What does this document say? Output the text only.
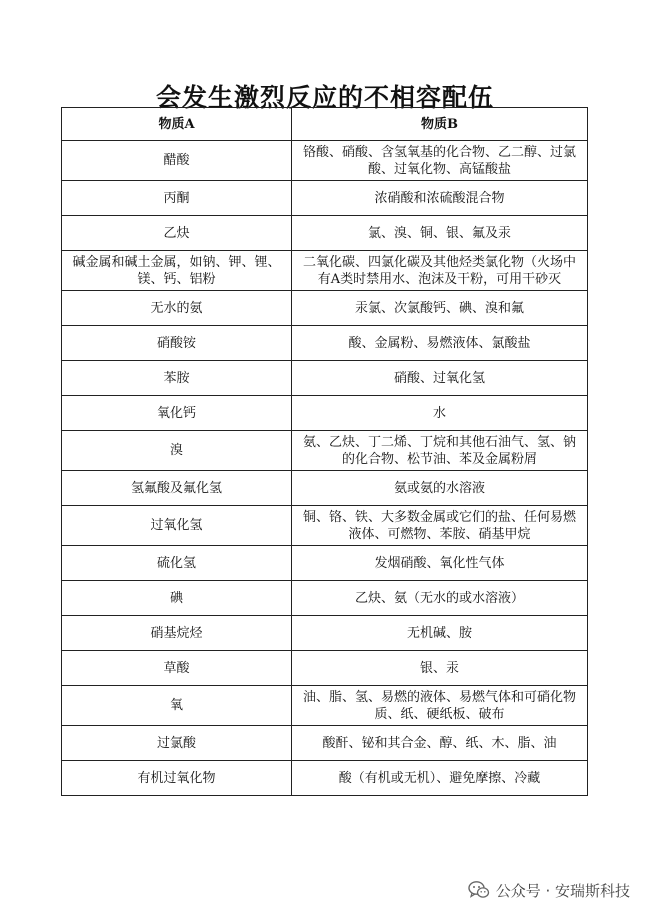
会发生激烈反应的不相容配伍
物质A	物质B
醋酸	铬酸、硝酸、含氢氧基的化合物、乙二醇、过氯酸、过氧化物、高锰酸盐
丙酮	浓硝酸和浓硫酸混合物
乙炔	氯、溴、铜、银、氟及汞
碱金属和碱土金属，如钠、钾、锂、镁、钙、铝粉	二氧化碳、四氯化碳及其他烃类氯化物（火场中有A类时禁用水、泡沫及干粉，可用干砂灭
无水的氨	汞氯、次氯酸钙、碘、溴和氟
硝酸铵	酸、金属粉、易燃液体、氯酸盐
苯胺	硝酸、过氧化氢
氧化钙	水
溴	氨、乙炔、丁二烯、丁烷和其他石油气、氢、钠的化合物、松节油、苯及金属粉屑
氢氟酸及氟化氢	氨或氨的水溶液
过氧化氢	铜、铬、铁、大多数金属或它们的盐、任何易燃液体、可燃物、苯胺、硝基甲烷
硫化氢	发烟硝酸、氧化性气体
碘	乙炔、氨（无水的或水溶液）
硝基烷烃	无机碱、胺
草酸	银、汞
氧	油、脂、氢、易燃的液体、易燃气体和可硝化物质、纸、硬纸板、破布
过氯酸	酸酐、铋和其合金、醇、纸、木、脂、油
有机过氧化物	酸（有机或无机）、避免摩擦、冷藏
公众号 · 安瑞斯科技
